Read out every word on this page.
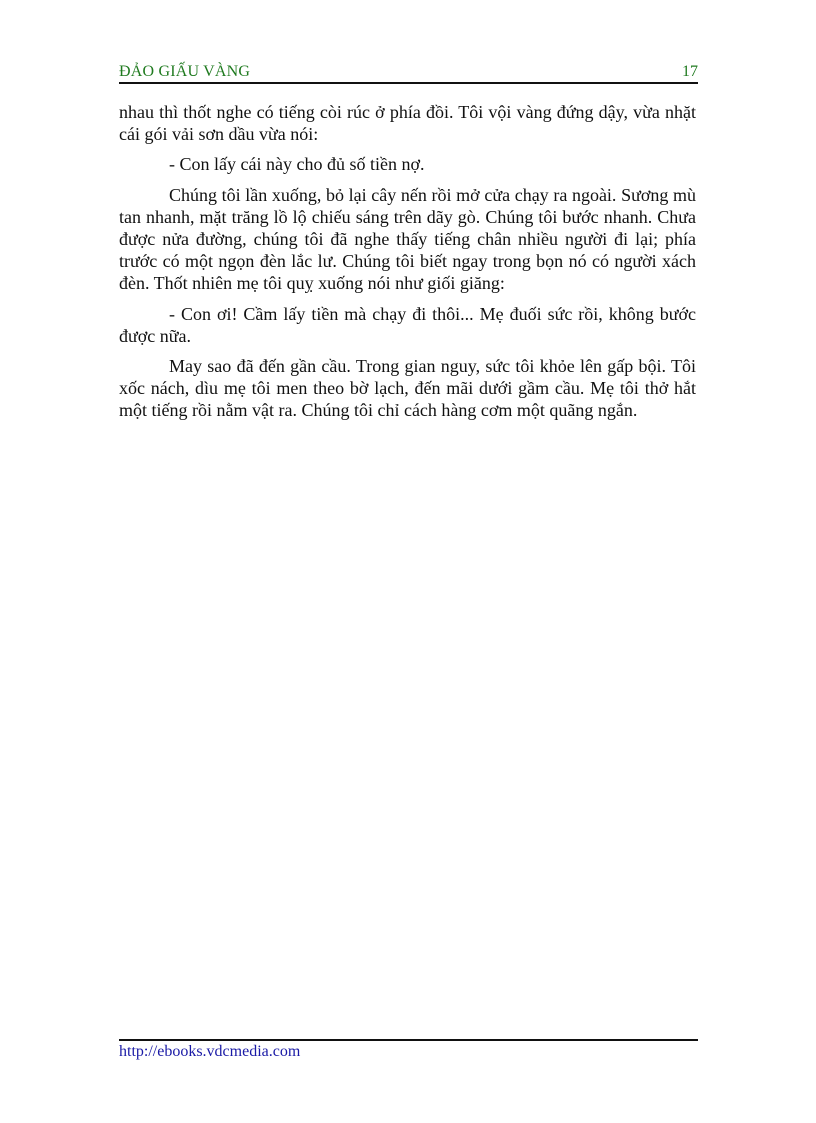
ĐẢO GIẤU VÀNG	17

nhau thì thốt nghe có tiếng còi rúc ở phía đồi. Tôi vội vàng đứng dậy, vừa nhặt cái gói vải sơn dầu vừa nói:

- Con lấy cái này cho đủ số tiền nợ.

Chúng tôi lần xuống, bỏ lại cây nến rồi mở cửa chạy ra ngoài. Sương mù tan nhanh, mặt trăng lồ lộ chiếu sáng trên dãy gò. Chúng tôi bước nhanh. Chưa được nửa đường, chúng tôi đã nghe thấy tiếng chân nhiều người đi lại; phía trước có một ngọn đèn lắc lư. Chúng tôi biết ngay trong bọn nó có người xách đèn. Thốt nhiên mẹ tôi quỵ xuống nói như giối giăng:

- Con ơi! Cầm lấy tiền mà chạy đi thôi... Mẹ đuối sức rồi, không bước được nữa.

May sao đã đến gần cầu. Trong gian nguy, sức tôi khỏe lên gấp bội. Tôi xốc nách, dìu mẹ tôi men theo bờ lạch, đến mãi dưới gầm cầu. Mẹ tôi thở hắt một tiếng rồi nằm vật ra. Chúng tôi chỉ cách hàng cơm một quãng ngắn.

http://ebooks.vdcmedia.com
